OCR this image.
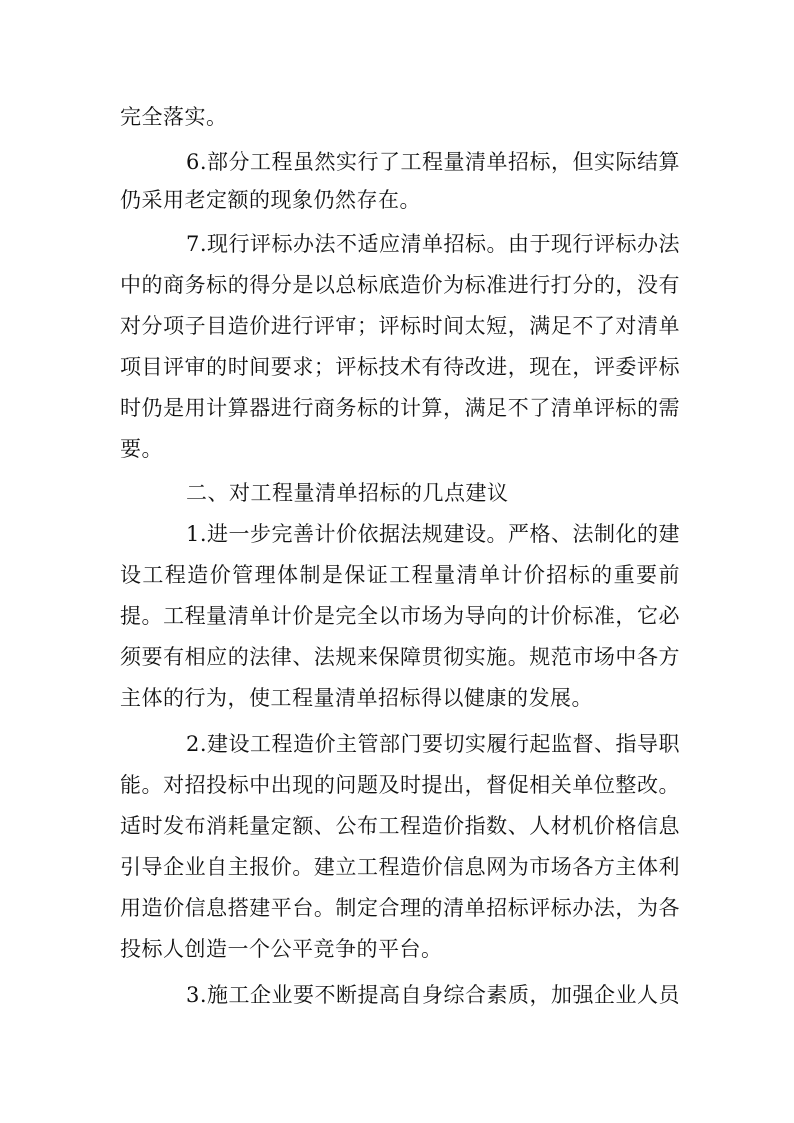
完全落实。
6.部分工程虽然实行了工程量清单招标，但实际结算
仍采用老定额的现象仍然存在。
7.现行评标办法不适应清单招标。由于现行评标办法
中的商务标的得分是以总标底造价为标准进行打分的，没有
对分项子目造价进行评审；评标时间太短，满足不了对清单
项目评审的时间要求；评标技术有待改进，现在，评委评标
时仍是用计算器进行商务标的计算，满足不了清单评标的需
要。
二、对工程量清单招标的几点建议
1.进一步完善计价依据法规建设。严格、法制化的建
设工程造价管理体制是保证工程量清单计价招标的重要前
提。工程量清单计价是完全以市场为导向的计价标准，它必
须要有相应的法律、法规来保障贯彻实施。规范市场中各方
主体的行为，使工程量清单招标得以健康的发展。
2.建设工程造价主管部门要切实履行起监督、指导职
能。对招投标中出现的问题及时提出，督促相关单位整改。
适时发布消耗量定额、公布工程造价指数、人材机价格信息
引导企业自主报价。建立工程造价信息网为市场各方主体利
用造价信息搭建平台。制定合理的清单招标评标办法，为各
投标人创造一个公平竞争的平台。
3.施工企业要不断提高自身综合素质，加强企业人员
